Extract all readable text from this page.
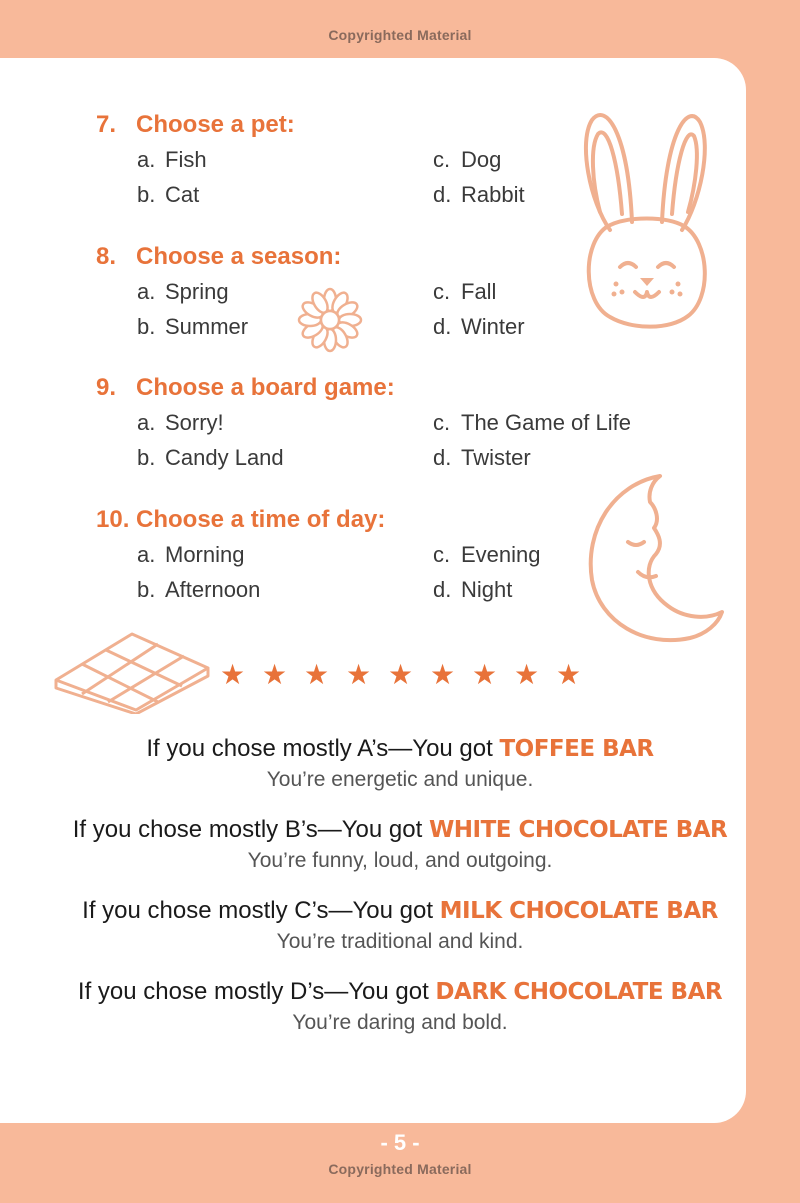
Copyrighted Material
7. Choose a pet:
a. Fish
b. Cat
c. Dog
d. Rabbit
8. Choose a season:
a. Spring
b. Summer
c. Fall
d. Winter
9. Choose a board game:
a. Sorry!
b. Candy Land
c. The Game of Life
d. Twister
10. Choose a time of day:
a. Morning
b. Afternoon
c. Evening
d. Night
★ ★ ★ ★ ★ ★ ★ ★ ★
If you chose mostly A’s—You got TOFFEE BAR
You’re energetic and unique.
If you chose mostly B’s—You got WHITE CHOCOLATE BAR
You’re funny, loud, and outgoing.
If you chose mostly C’s—You got MILK CHOCOLATE BAR
You’re traditional and kind.
If you chose mostly D’s—You got DARK CHOCOLATE BAR
You’re daring and bold.
- 5 -
Copyrighted Material
